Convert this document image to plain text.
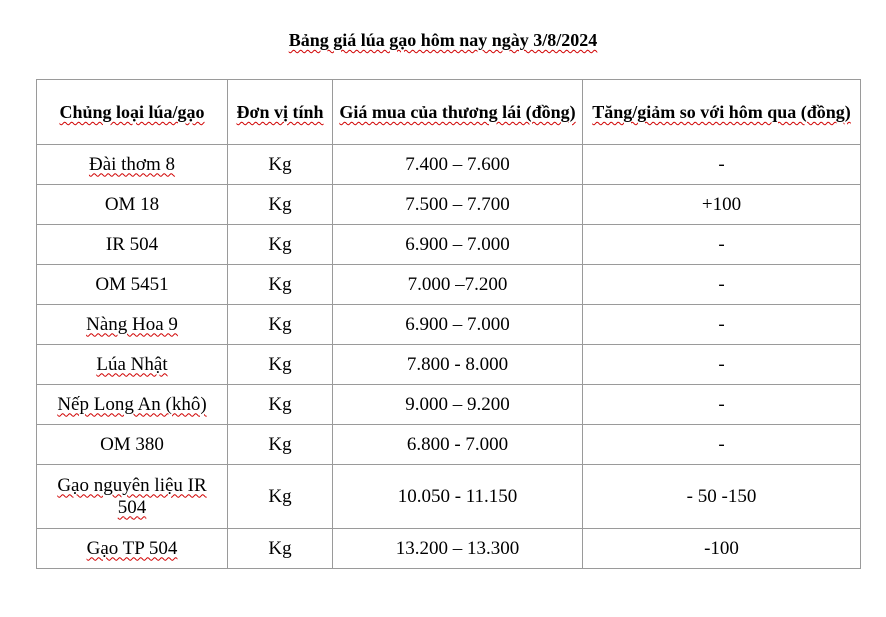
Bảng giá lúa gạo hôm nay ngày 3/8/2024
Chủng loại lúa/gạo	Đơn vị tính	Giá mua của thương lái (đồng)	Tăng/giảm so với hôm qua (đồng)
Đài thơm 8	Kg	7.400 – 7.600	-
OM 18	Kg	7.500 – 7.700	+100
IR 504	Kg	6.900 – 7.000	-
OM 5451	Kg	7.000 –7.200	-
Nàng Hoa 9	Kg	6.900 – 7.000	-
Lúa Nhật	Kg	7.800 - 8.000	-
Nếp Long An (khô)	Kg	9.000 – 9.200	-
OM 380	Kg	6.800 - 7.000	-
Gạo nguyên liệu IR 504	Kg	10.050 - 11.150	- 50 -150
Gạo TP 504	Kg	13.200 – 13.300	-100
